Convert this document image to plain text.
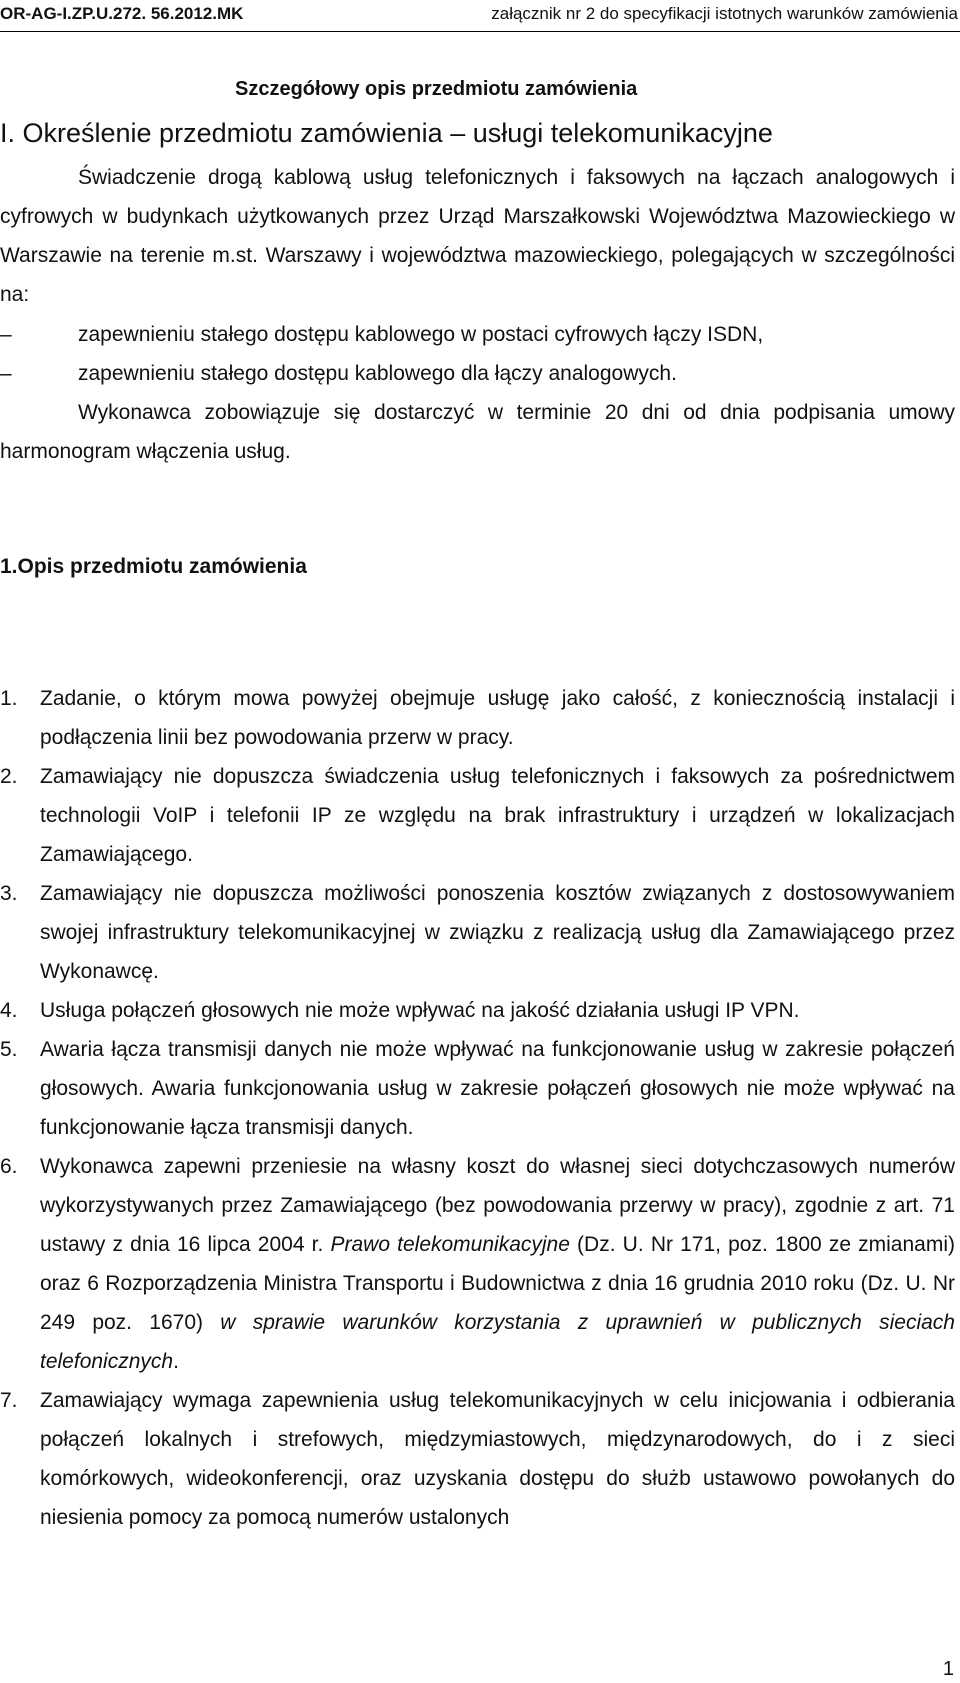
OR-AG-I.ZP.U.272. 56.2012.MK	załącznik nr 2 do specyfikacji istotnych warunków zamówienia
Szczegółowy opis przedmiotu zamówienia
I. Określenie przedmiotu zamówienia – usługi telekomunikacyjne
Świadczenie drogą kablową usług telefonicznych i faksowych na łączach analogowych i cyfrowych w budynkach użytkowanych przez Urząd Marszałkowski Województwa Mazowieckiego w Warszawie na terenie m.st. Warszawy i województwa mazowieckiego, polegających w szczególności na:
–	zapewnieniu stałego dostępu kablowego w postaci cyfrowych łączy ISDN,
–	zapewnieniu stałego dostępu kablowego dla łączy analogowych.
Wykonawca zobowiązuje się dostarczyć w terminie 20 dni od dnia podpisania umowy harmonogram włączenia usług.
1.Opis przedmiotu zamówienia
1. Zadanie, o którym mowa powyżej obejmuje usługę jako całość, z koniecznością instalacji i podłączenia linii bez powodowania przerw w pracy.
2. Zamawiający nie dopuszcza świadczenia usług telefonicznych i faksowych za pośrednictwem technologii VoIP i telefonii IP ze względu na brak infrastruktury i urządzeń w lokalizacjach Zamawiającego.
3. Zamawiający nie dopuszcza możliwości ponoszenia kosztów związanych z dostosowywaniem swojej infrastruktury telekomunikacyjnej w związku z realizacją usług dla Zamawiającego przez Wykonawcę.
4. Usługa połączeń głosowych nie może wpływać na jakość działania usługi IP VPN.
5. Awaria łącza transmisji danych nie może wpływać na funkcjonowanie usług w zakresie połączeń głosowych. Awaria funkcjonowania usług w zakresie połączeń głosowych nie może wpływać na funkcjonowanie łącza transmisji danych.
6. Wykonawca zapewni przeniesie na własny koszt do własnej sieci dotychczasowych numerów wykorzystywanych przez Zamawiającego (bez powodowania przerwy w pracy), zgodnie z art. 71 ustawy z dnia 16 lipca 2004 r. Prawo telekomunikacyjne (Dz. U. Nr 171, poz. 1800 ze zmianami) oraz 6 Rozporządzenia Ministra Transportu i Budownictwa z dnia 16 grudnia 2010 roku (Dz. U. Nr 249 poz. 1670) w sprawie warunków korzystania z uprawnień w publicznych sieciach telefonicznych.
7. Zamawiający wymaga zapewnienia usług telekomunikacyjnych w celu inicjowania i odbierania połączeń lokalnych i strefowych, międzymiastowych, międzynarodowych, do i z sieci komórkowych, wideokonferencji, oraz uzyskania dostępu do służb ustawowo powołanych do niesienia pomocy za pomocą numerów ustalonych
1
